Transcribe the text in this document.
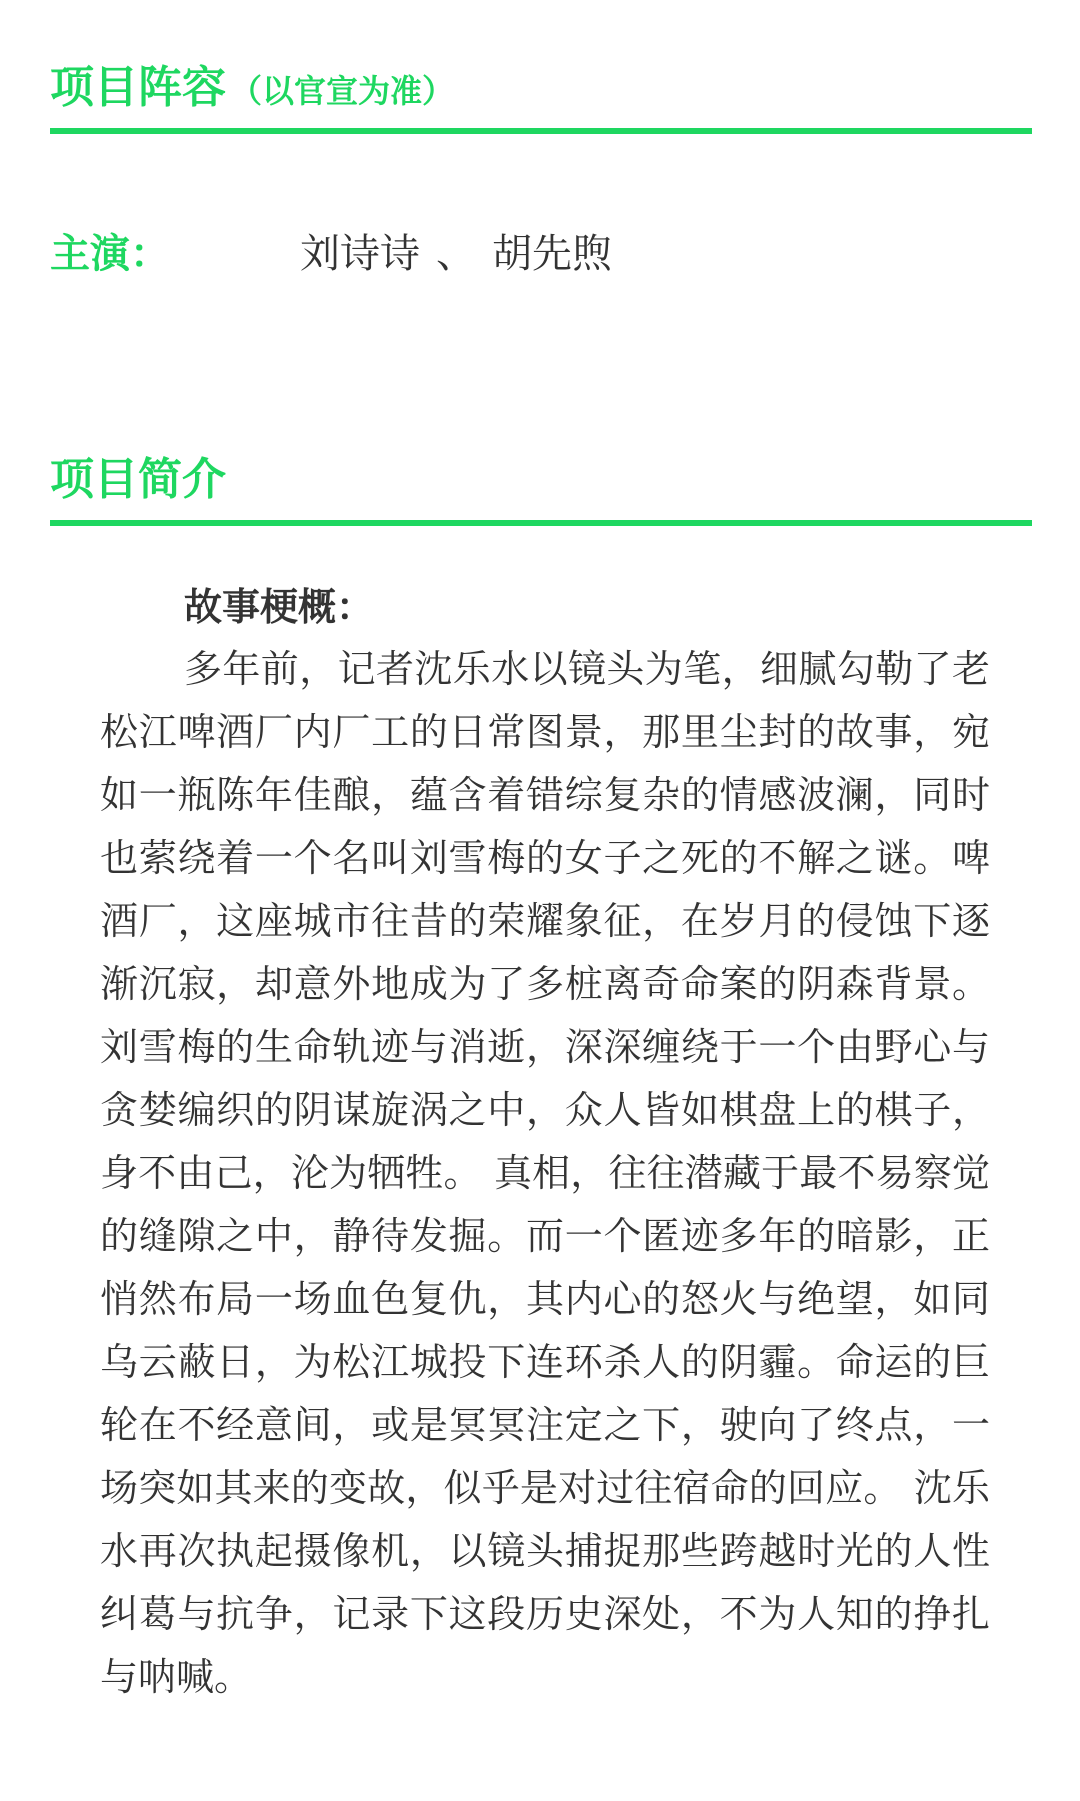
项目阵容 （以官宣为准）
主演：	刘诗诗 、 胡先煦
项目简介

故事梗概：

多年前，记者沈乐水以镜头为笔，细腻勾勒了老松江啤酒厂内厂工的日常图景，那里尘封的故事，宛如一瓶陈年佳酿，蕴含着错综复杂的情感波澜，同时也萦绕着一个名叫刘雪梅的女子之死的不解之谜。啤酒厂，这座城市往昔的荣耀象征，在岁月的侵蚀下逐渐沉寂，却意外地成为了多桩离奇命案的阴森背景。刘雪梅的生命轨迹与消逝，深深缠绕于一个由野心与贪婪编织的阴谋旋涡之中，众人皆如棋盘上的棋子，身不由己，沦为牺牲。 真相，往往潜藏于最不易察觉的缝隙之中，静待发掘。而一个匿迹多年的暗影，正悄然布局一场血色复仇，其内心的怒火与绝望，如同乌云蔽日，为松江城投下连环杀人的阴霾。命运的巨轮在不经意间，或是冥冥注定之下，驶向了终点，一场突如其来的变故，似乎是对过往宿命的回应。 沈乐水再次执起摄像机，以镜头捕捉那些跨越时光的人性纠葛与抗争，记录下这段历史深处，不为人知的挣扎与呐喊。
